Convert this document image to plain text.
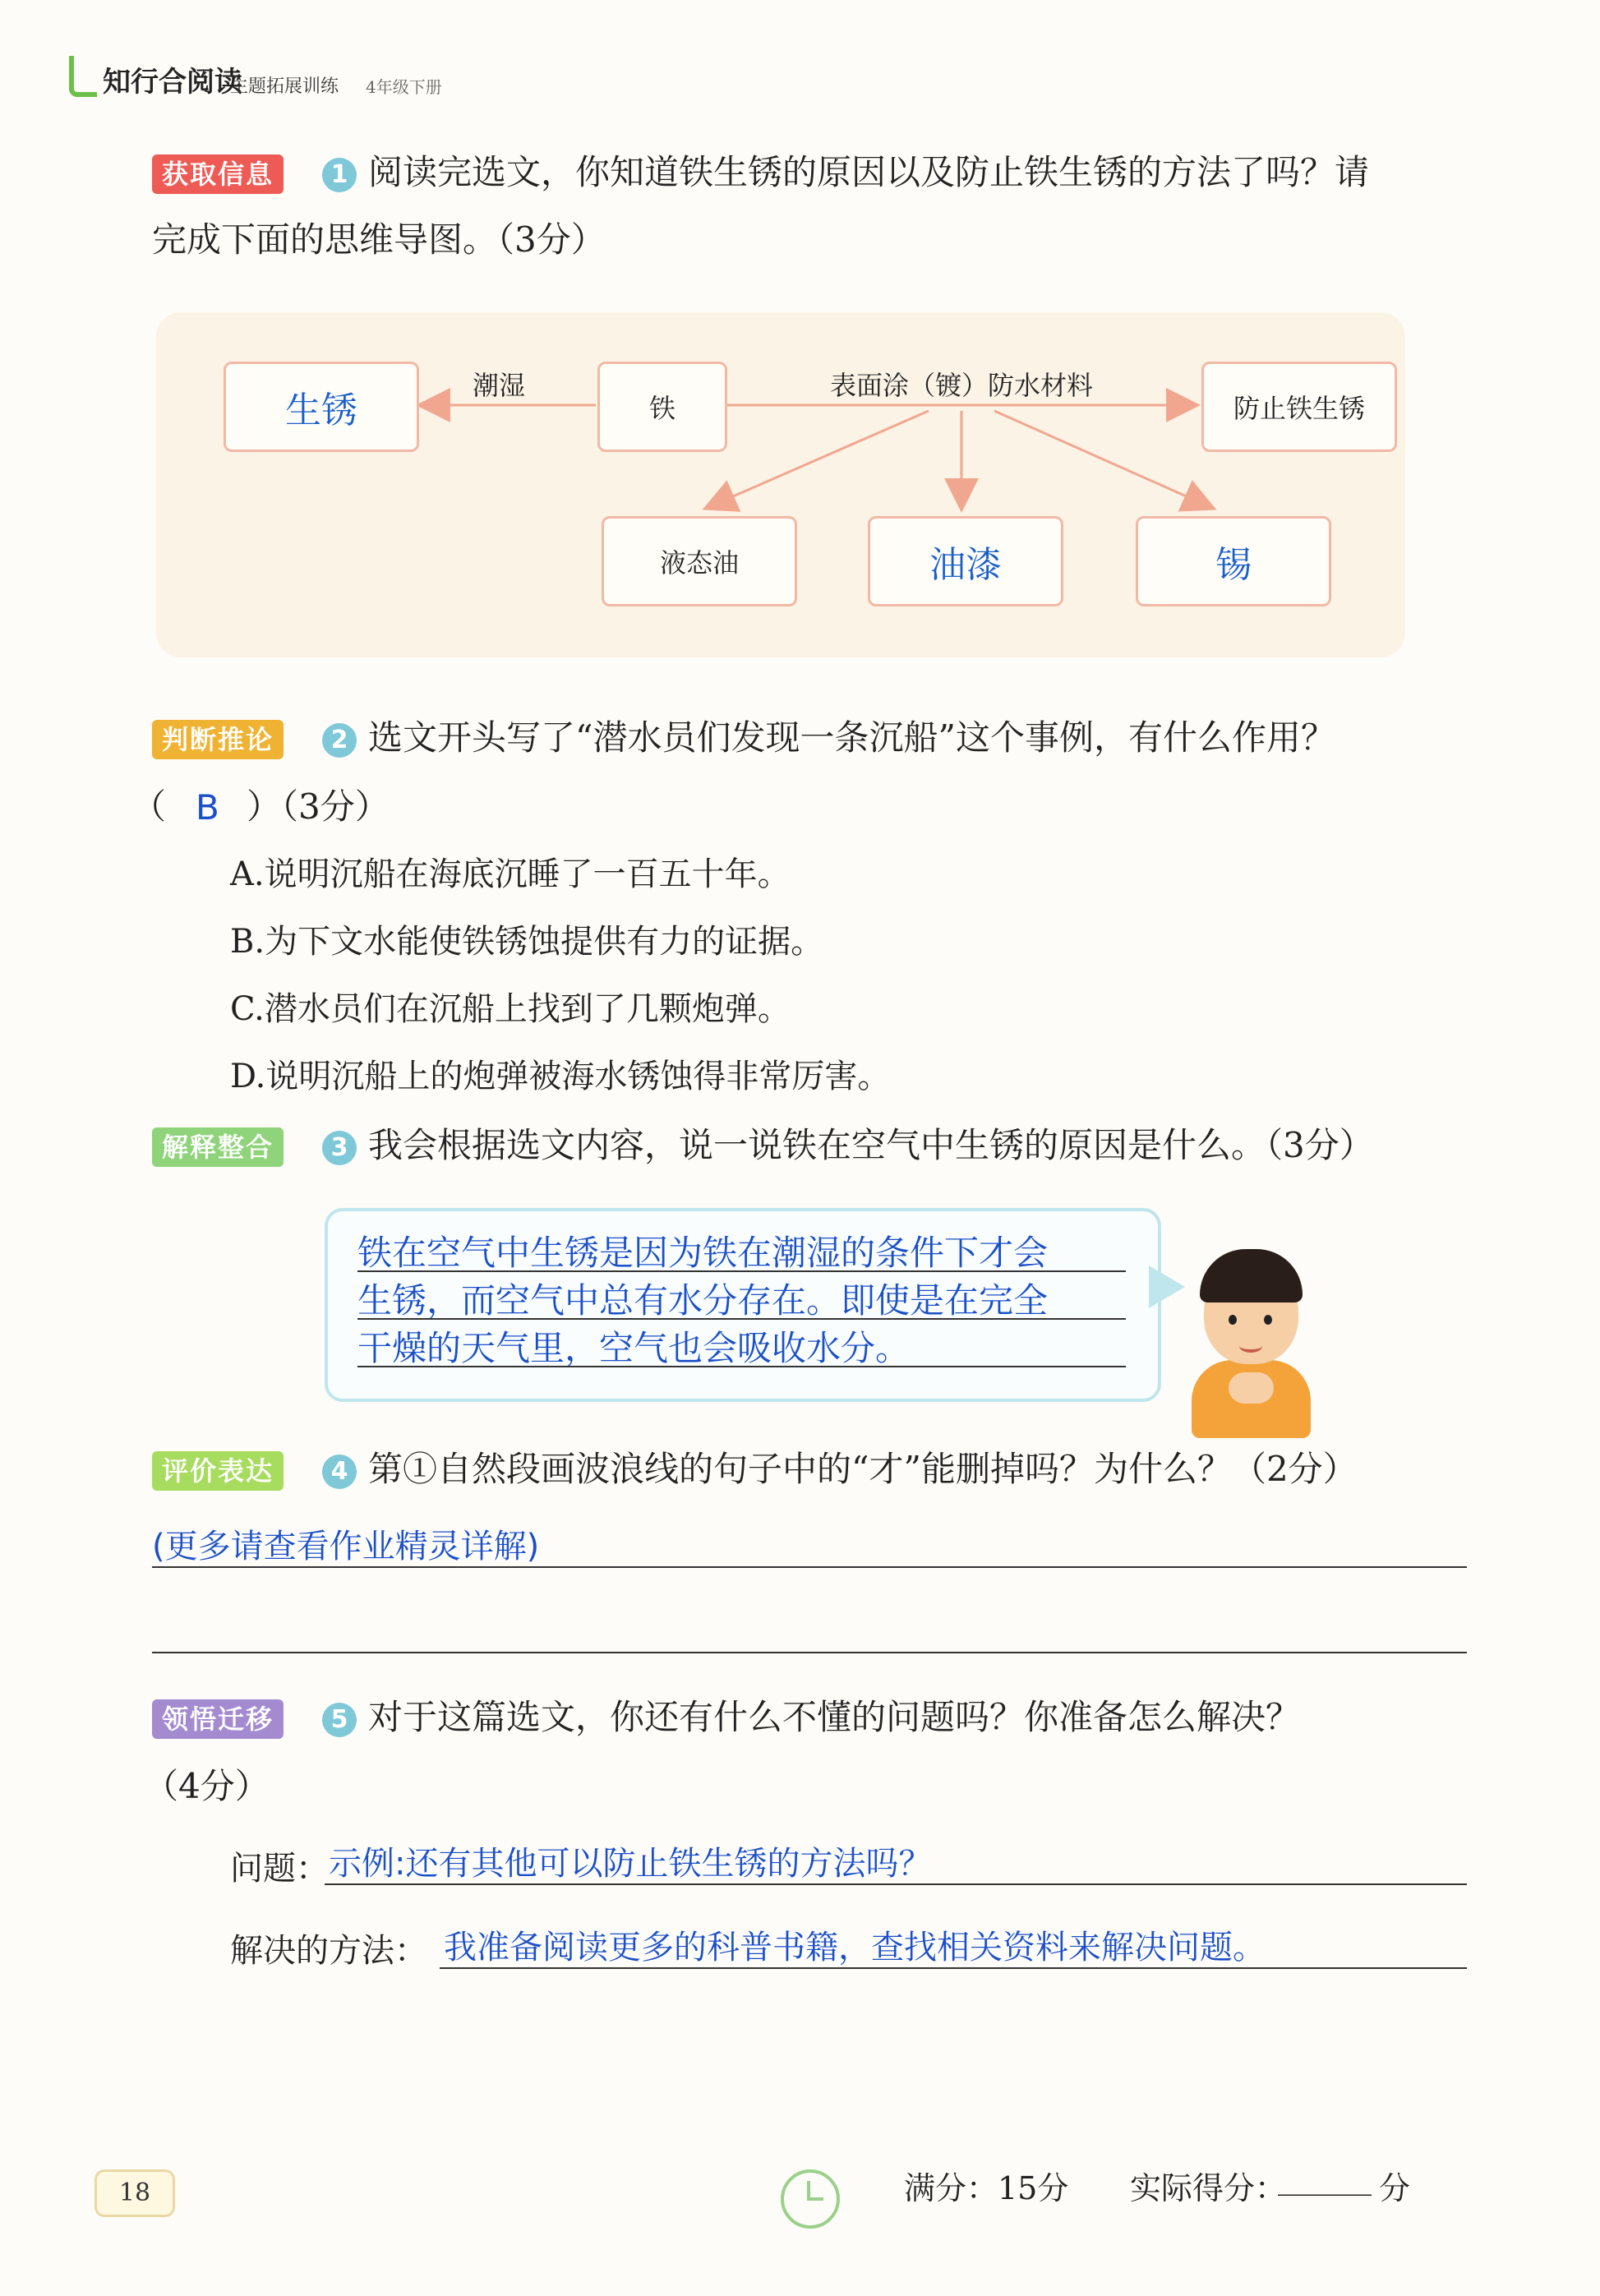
知行合阅读
主题拓展训练 4年级下册
获取信息	1 阅读完选文，你知道铁生锈的原因以及防止铁生锈的方法了吗？请
完成下面的思维导图。（3分）
生锈
潮湿
铁
表面涂（镀）防水材料
防止铁生锈
液态油	油漆	锡
判断推论	2 选文开头写了“潜水员们发现一条沉船”这个事例，有什么作用？
（ B ）（3分）
A.说明沉船在海底沉睡了一百五十年。
B.为下文水能使铁锈蚀提供有力的证据。
C.潜水员们在沉船上找到了几颗炮弹。
D.说明沉船上的炮弹被海水锈蚀得非常厉害。
解释整合	3 我会根据选文内容，说一说铁在空气中生锈的原因是什么。（3分）
铁在空气中生锈是因为铁在潮湿的条件下才会
生锈，而空气中总有水分存在。即使是在完全
干燥的天气里，空气也会吸收水分。
评价表达	4 第①自然段画波浪线的句子中的“才”能删掉吗？为什么？（2分）
(更多请查看作业精灵详解)
领悟迁移	5 对于这篇选文，你还有什么不懂的问题吗？你准备怎么解决？
（4分）
问题： 示例:还有其他可以防止铁生锈的方法吗？
解决的方法： 我准备阅读更多的科普书籍，查找相关资料来解决问题。
18	满分：15分 实际得分：
______ 分
